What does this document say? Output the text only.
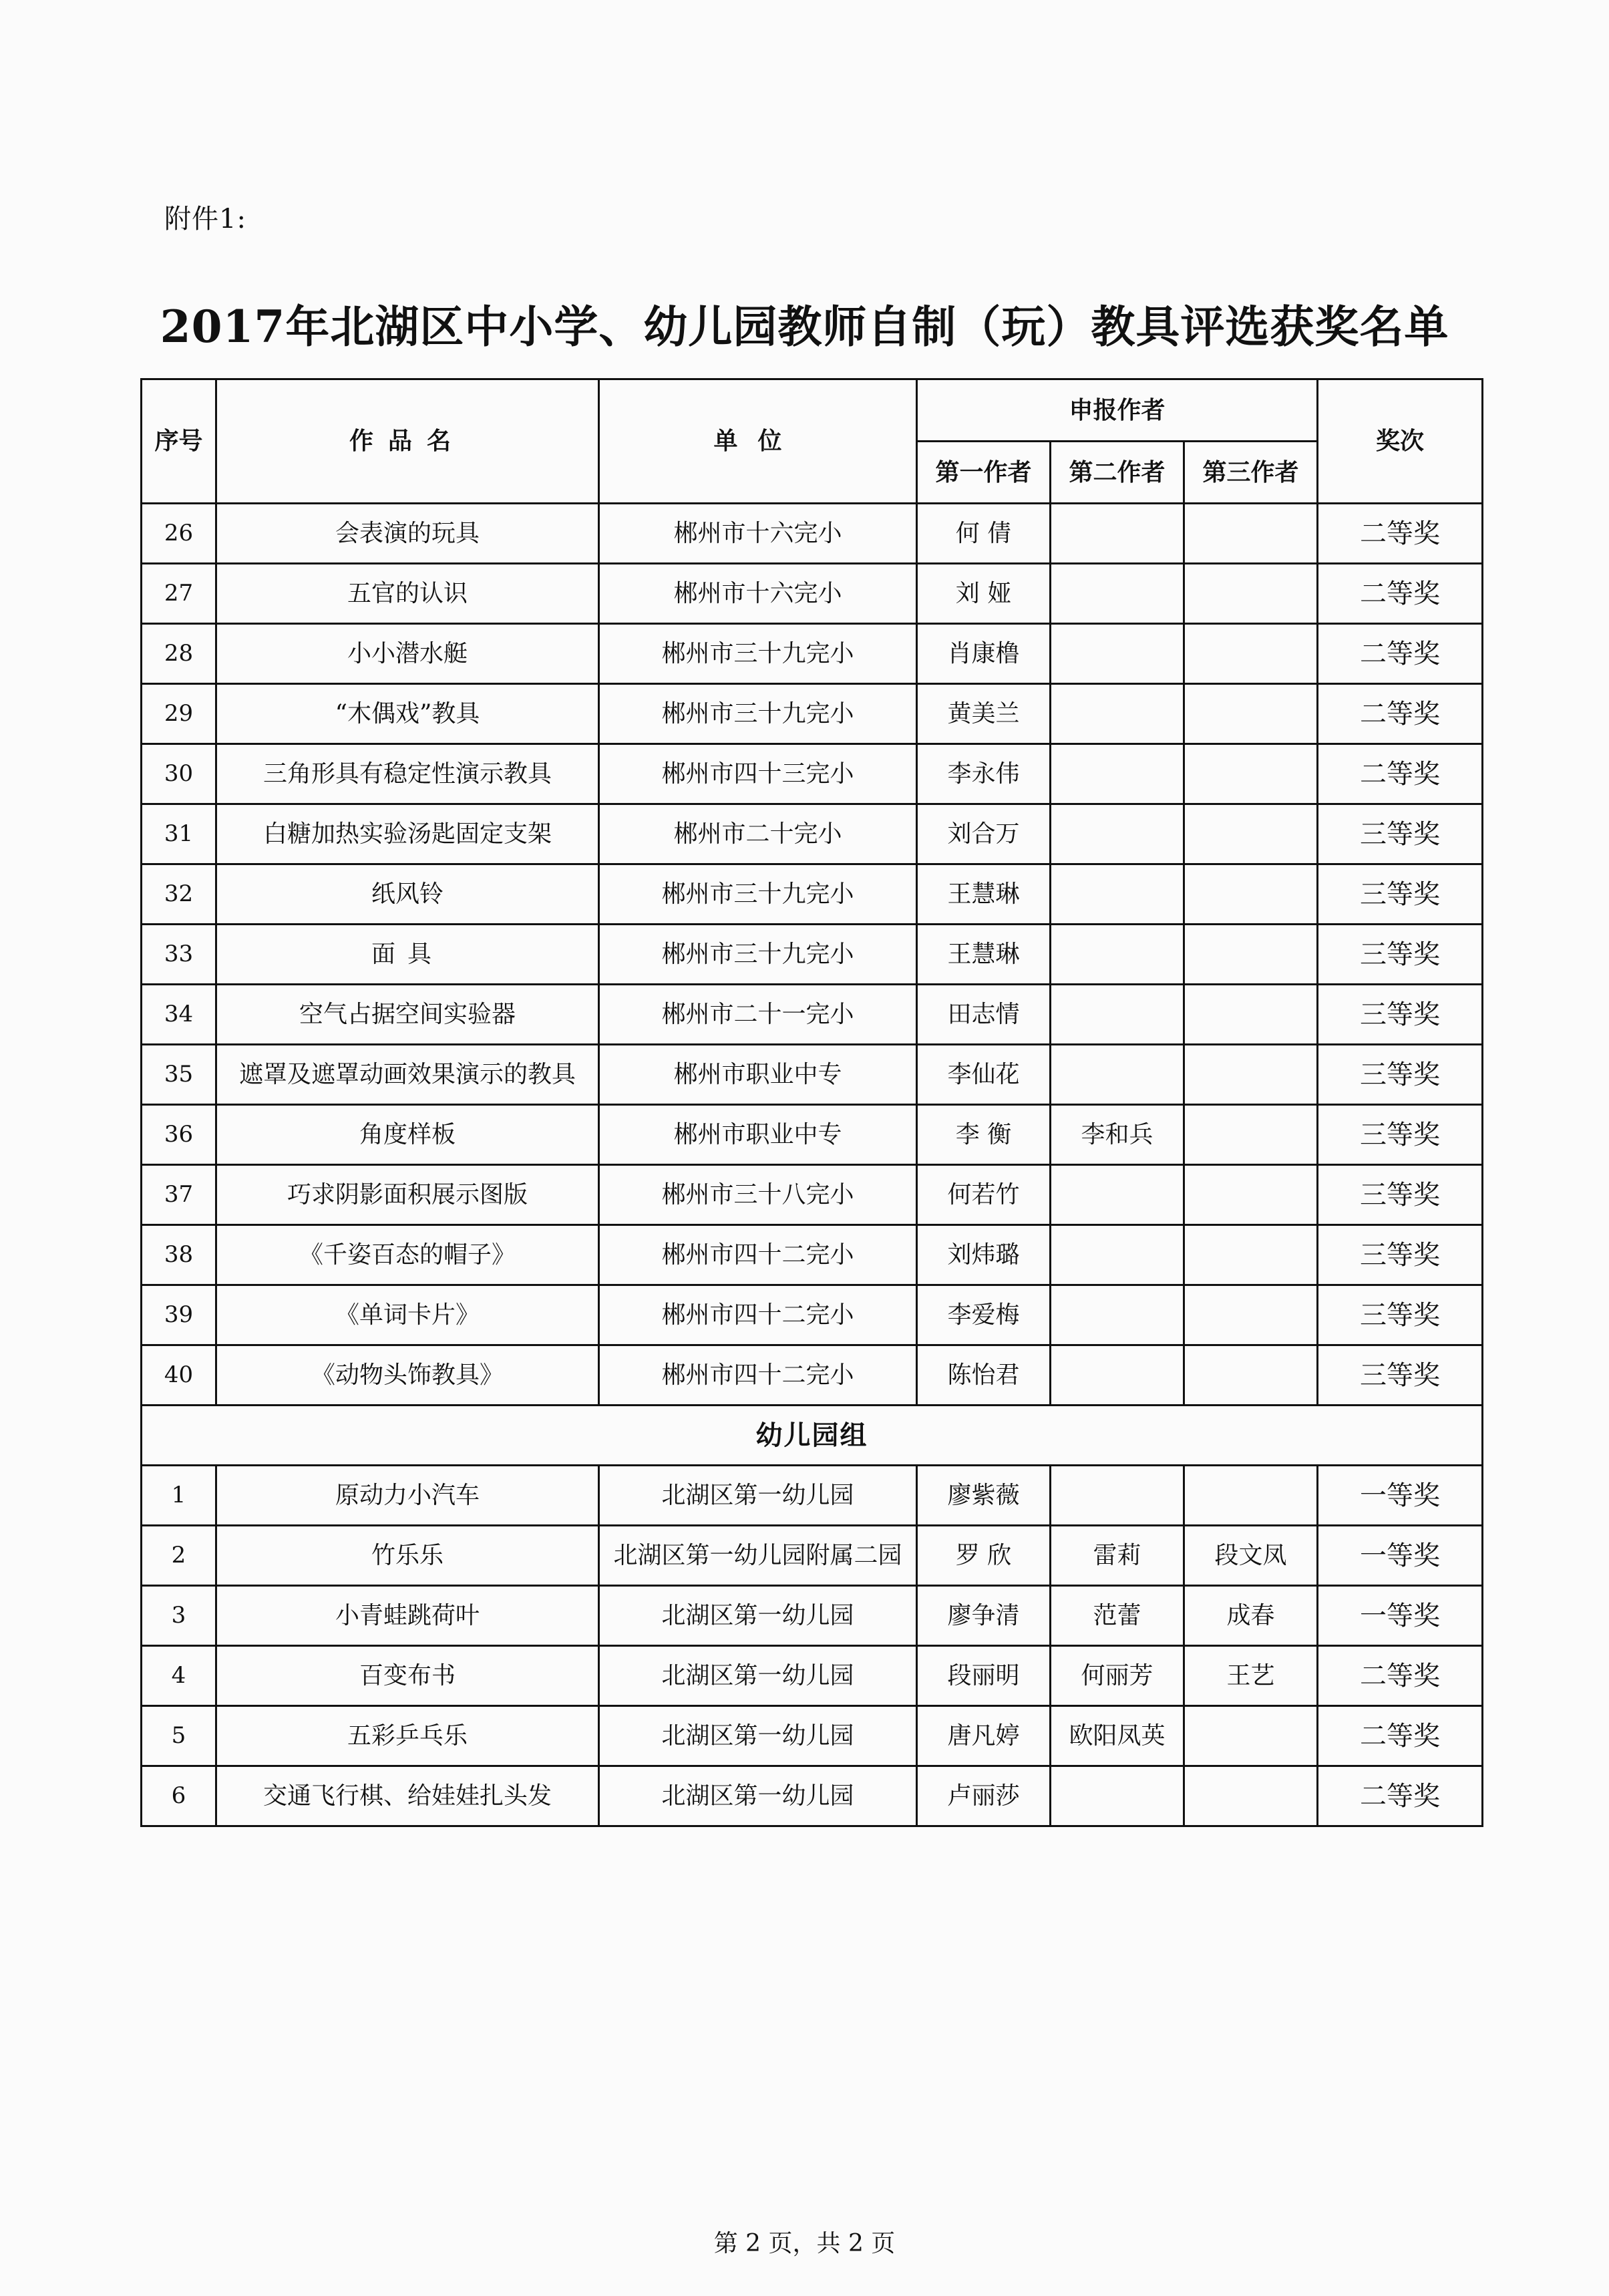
附件1:
2017年北湖区中小学、幼儿园教师自制（玩）教具评选获奖名单
序号	作品名	单位	申报作者			奖次
			第一作者	第二作者	第三作者	
26	会表演的玩具	郴州市十六完小	何 倩			二等奖
27	五官的认识	郴州市十六完小	刘 娅			二等奖
28	小小潜水艇	郴州市三十九完小	肖康橹			二等奖
29	“木偶戏”教具	郴州市三十九完小	黄美兰			二等奖
30	三角形具有稳定性演示教具	郴州市四十三完小	李永伟			二等奖
31	白糖加热实验汤匙固定支架	郴州市二十完小	刘合万			三等奖
32	纸风铃	郴州市三十九完小	王慧琳			三等奖
33	面具	郴州市三十九完小	王慧琳			三等奖
34	空气占据空间实验器	郴州市二十一完小	田志情			三等奖
35	遮罩及遮罩动画效果演示的教具	郴州市职业中专	李仙花			三等奖
36	角度样板	郴州市职业中专	李 衡	李和兵		三等奖
37	巧求阴影面积展示图版	郴州市三十八完小	何若竹			三等奖
38	《千姿百态的帽子》	郴州市四十二完小	刘炜璐			三等奖
39	《单词卡片》	郴州市四十二完小	李爱梅			三等奖
40	《动物头饰教具》	郴州市四十二完小	陈怡君			三等奖
幼儿园组						
1	原动力小汽车	北湖区第一幼儿园	廖紫薇			一等奖
2	竹乐乐	北湖区第一幼儿园附属二园	罗 欣	雷莉	段文凤	一等奖
3	小青蛙跳荷叶	北湖区第一幼儿园	廖争清	范蕾	成春	一等奖
4	百变布书	北湖区第一幼儿园	段丽明	何丽芳	王艺	二等奖
5	五彩乒乓乐	北湖区第一幼儿园	唐凡婷	欧阳凤英		二等奖
6	交通飞行棋、给娃娃扎头发	北湖区第一幼儿园	卢丽莎			二等奖
第 2 页，共 2 页
